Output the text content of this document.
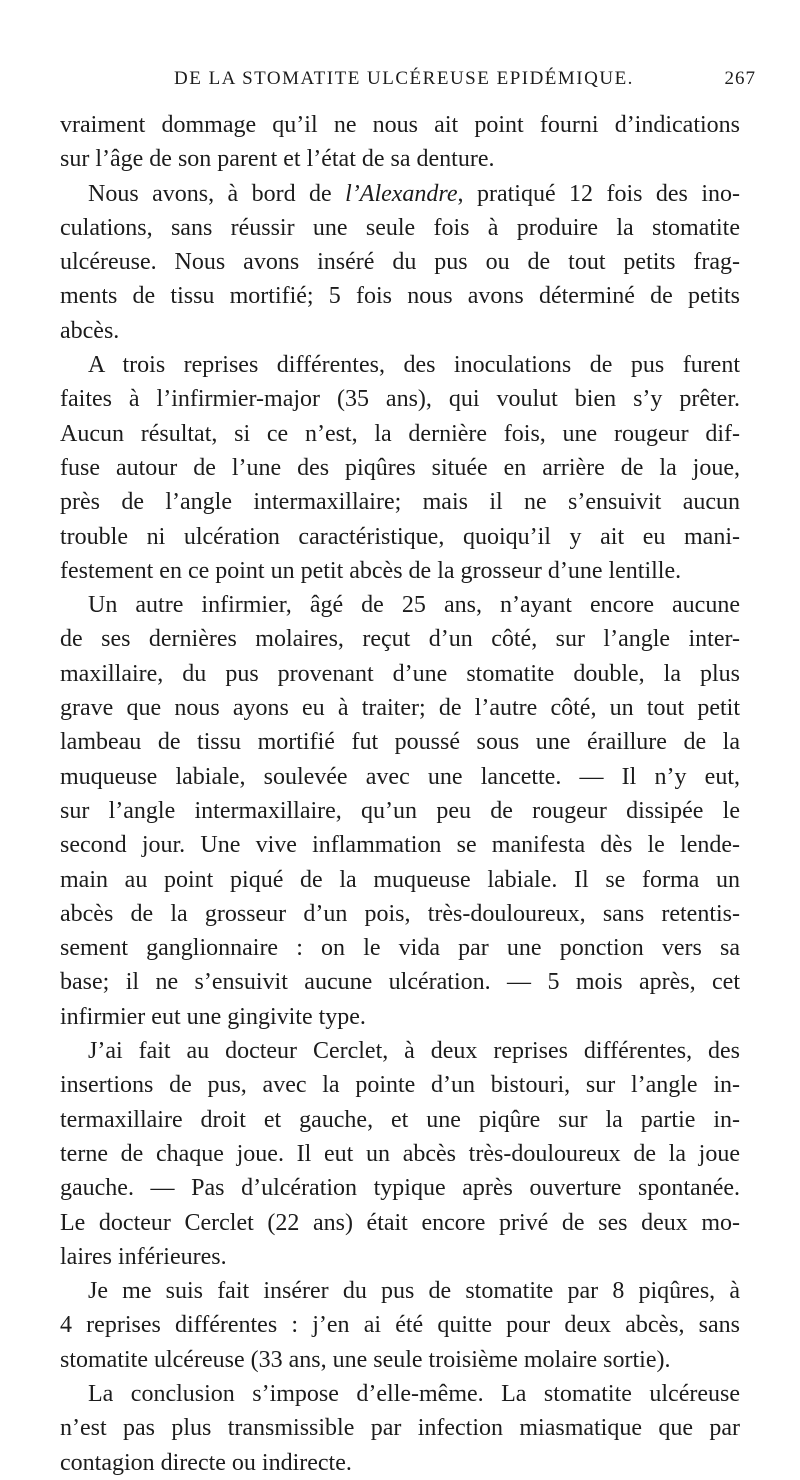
DE LA STOMATITE ULCÉREUSE EPIDÉMIQUE.	267

vraiment dommage qu’il ne nous ait point fourni d’indications
sur l’âge de son parent et l’état de sa denture.

Nous avons, à bord de l’Alexandre, pratiqué 12 fois des ino-
culations, sans réussir une seule fois à produire la stomatite
ulcéreuse. Nous avons inséré du pus ou de tout petits frag-
ments de tissu mortifié; 5 fois nous avons déterminé de petits
abcès.

A trois reprises différentes, des inoculations de pus furent
faites à l’infirmier-major (35 ans), qui voulut bien s’y prêter.
Aucun résultat, si ce n’est, la dernière fois, une rougeur dif-
fuse autour de l’une des piqûres située en arrière de la joue,
près de l’angle intermaxillaire; mais il ne s’ensuivit aucun
trouble ni ulcération caractéristique, quoiqu’il y ait eu mani-
festement en ce point un petit abcès de la grosseur d’une lentille.

Un autre infirmier, âgé de 25 ans, n’ayant encore aucune
de ses dernières molaires, reçut d’un côté, sur l’angle inter-
maxillaire, du pus provenant d’une stomatite double, la plus
grave que nous ayons eu à traiter; de l’autre côté, un tout petit
lambeau de tissu mortifié fut poussé sous une éraillure de la
muqueuse labiale, soulevée avec une lancette. — Il n’y eut,
sur l’angle intermaxillaire, qu’un peu de rougeur dissipée le
second jour. Une vive inflammation se manifesta dès le lende-
main au point piqué de la muqueuse labiale. Il se forma un
abcès de la grosseur d’un pois, très-douloureux, sans retentis-
sement ganglionnaire : on le vida par une ponction vers sa
base; il ne s’ensuivit aucune ulcération. — 5 mois après, cet
infirmier eut une gingivite type.

J’ai fait au docteur Cerclet, à deux reprises différentes, des
insertions de pus, avec la pointe d’un bistouri, sur l’angle in-
termaxillaire droit et gauche, et une piqûre sur la partie in-
terne de chaque joue. Il eut un abcès très-douloureux de la joue
gauche. — Pas d’ulcération typique après ouverture spontanée.
Le docteur Cerclet (22 ans) était encore privé de ses deux mo-
laires inférieures.

Je me suis fait insérer du pus de stomatite par 8 piqûres, à
4 reprises différentes : j’en ai été quitte pour deux abcès, sans
stomatite ulcéreuse (33 ans, une seule troisième molaire sortie).

La conclusion s’impose d’elle-même. La stomatite ulcéreuse
n’est pas plus transmissible par infection miasmatique que par
contagion directe ou indirecte.
